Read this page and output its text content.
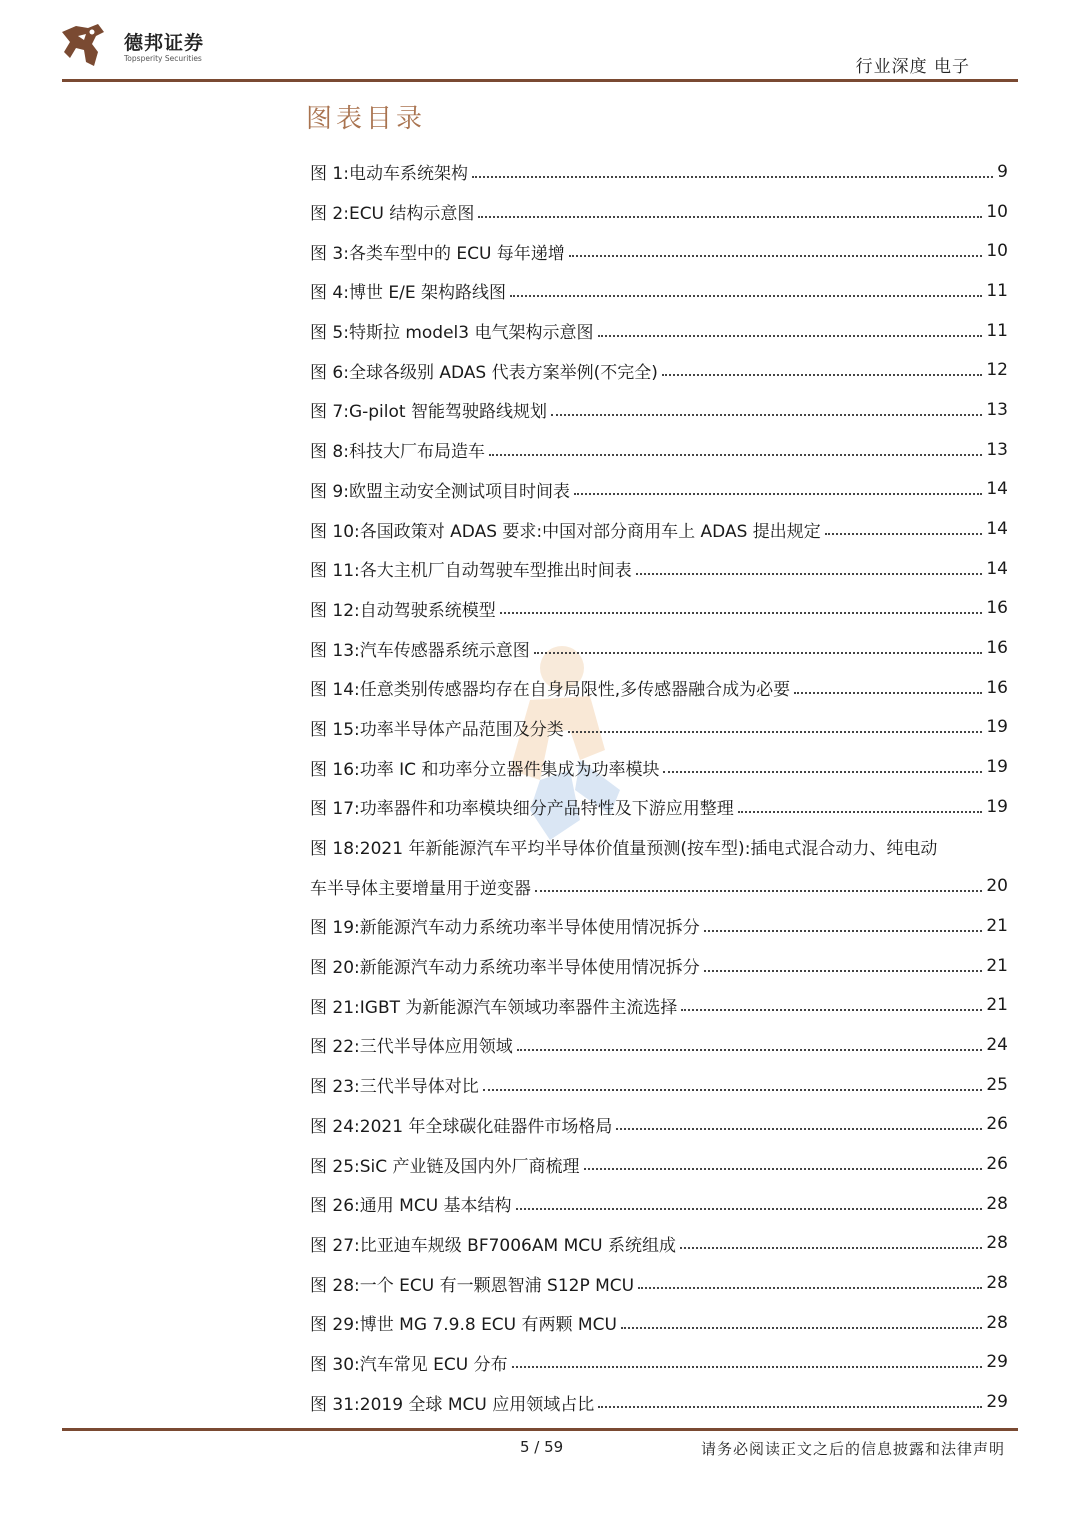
德邦证券
Topsperity Securities	行业深度 电子
图表目录
图 1:电动车系统架构	9
图 2:ECU 结构示意图	10
图 3:各类车型中的 ECU 每年递增	10
图 4:博世 E/E 架构路线图	11
图 5:特斯拉 model3 电气架构示意图	11
图 6:全球各级别 ADAS 代表方案举例(不完全)	12
图 7:G-pilot 智能驾驶路线规划	13
图 8:科技大厂布局造车	13
图 9:欧盟主动安全测试项目时间表	14
图 10:各国政策对 ADAS 要求:中国对部分商用车上 ADAS 提出规定	14
图 11:各大主机厂自动驾驶车型推出时间表	14
图 12:自动驾驶系统模型	16
图 13:汽车传感器系统示意图	16
图 14:任意类别传感器均存在自身局限性,多传感器融合成为必要	16
图 15:功率半导体产品范围及分类	19
图 16:功率 IC 和功率分立器件集成为功率模块	19
图 17:功率器件和功率模块细分产品特性及下游应用整理	19
图 18:2021 年新能源汽车平均半导体价值量预测(按车型):插电式混合动力、纯电动
车半导体主要增量用于逆变器	20
图 19:新能源汽车动力系统功率半导体使用情况拆分	21
图 20:新能源汽车动力系统功率半导体使用情况拆分	21
图 21:IGBT 为新能源汽车领域功率器件主流选择	21
图 22:三代半导体应用领域	24
图 23:三代半导体对比	25
图 24:2021 年全球碳化硅器件市场格局	26
图 25:SiC 产业链及国内外厂商梳理	26
图 26:通用 MCU 基本结构	28
图 27:比亚迪车规级 BF7006AM MCU 系统组成	28
图 28:一个 ECU 有一颗恩智浦 S12P MCU	28
图 29:博世 MG 7.9.8 ECU 有两颗 MCU	28
图 30:汽车常见 ECU 分布	29
图 31:2019 全球 MCU 应用领域占比	29
5 / 59	请务必阅读正文之后的信息披露和法律声明
